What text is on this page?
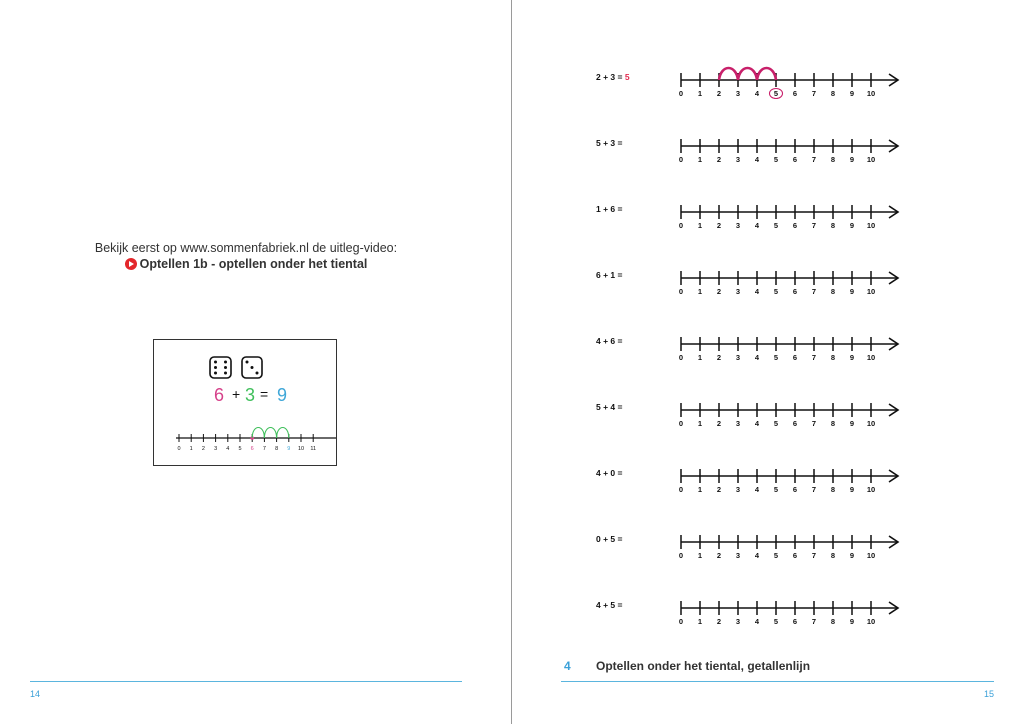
Bekijk eerst op www.sommenfabriek.nl de uitleg-video:
Optellen 1b - optellen onder het tiental
6 + 3 = 9
0 1 2 3 4 5 6 7 8 9 10 11
14
2 + 3 = 5
0 1 2 3 4 5 6 7 8 9 10
5 + 3 =
0 1 2 3 4 5 6 7 8 9 10
1 + 6 =
0 1 2 3 4 5 6 7 8 9 10
6 + 1 =
0 1 2 3 4 5 6 7 8 9 10
4 + 6 =
0 1 2 3 4 5 6 7 8 9 10
5 + 4 =
0 1 2 3 4 5 6 7 8 9 10
4 + 0 =
0 1 2 3 4 5 6 7 8 9 10
0 + 5 =
0 1 2 3 4 5 6 7 8 9 10
4 + 5 =
0 1 2 3 4 5 6 7 8 9 10
4 Optellen onder het tiental, getallenlijn
15
